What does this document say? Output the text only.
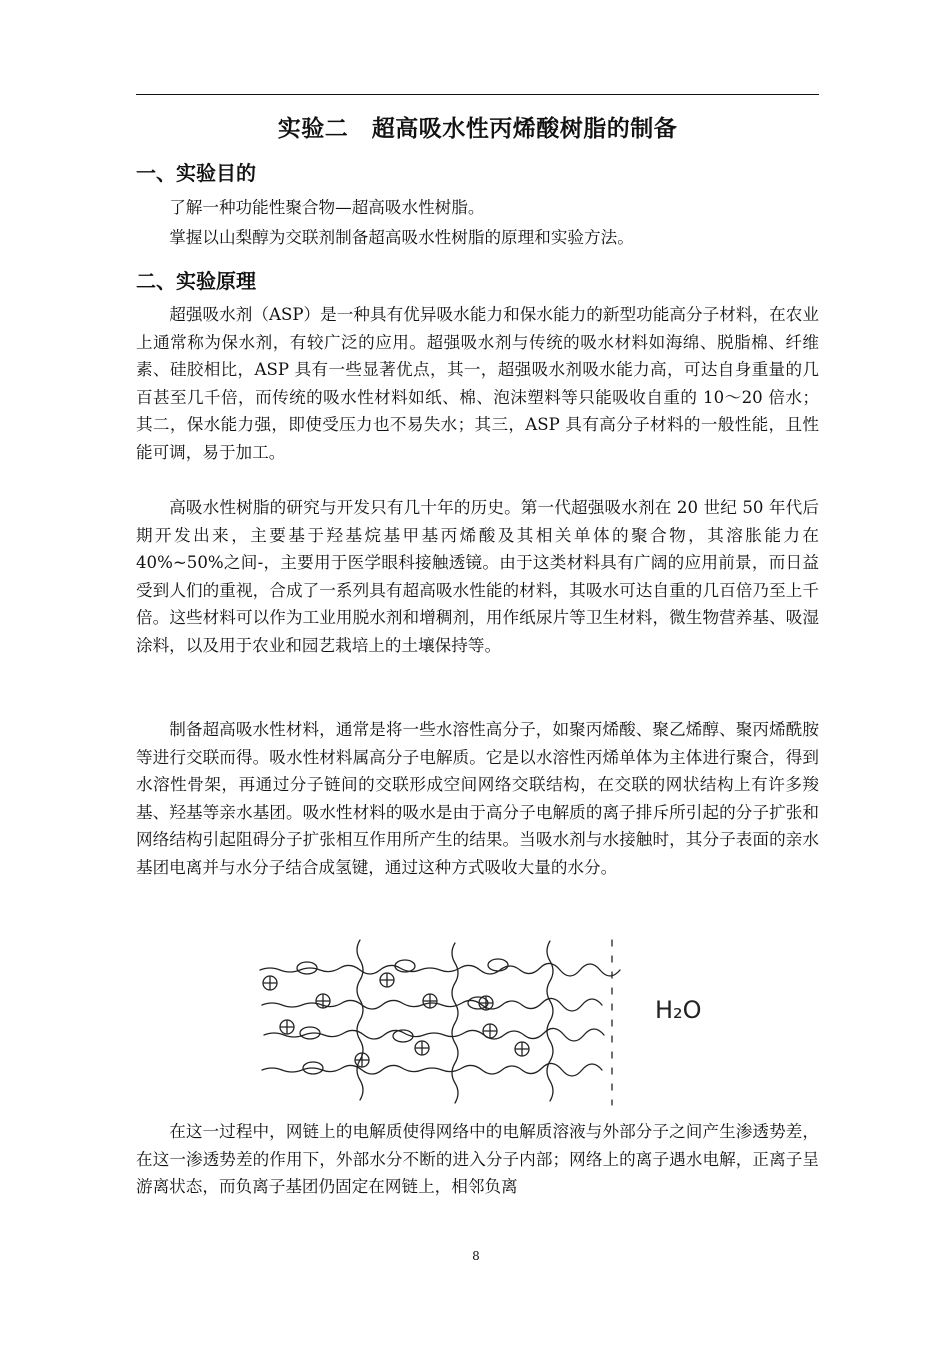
实验二　超高吸水性丙烯酸树脂的制备
一、实验目的
了解一种功能性聚合物—超高吸水性树脂。
掌握以山梨醇为交联剂制备超高吸水性树脂的原理和实验方法。
二、实验原理
超强吸水剂（ASP）是一种具有优异吸水能力和保水能力的新型功能高分子材料，在农业上通常称为保水剂，有较广泛的应用。超强吸水剂与传统的吸水材料如海绵、脱脂棉、纤维素、硅胶相比，ASP 具有一些显著优点，其一，超强吸水剂吸水能力高，可达自身重量的几百甚至几千倍，而传统的吸水性材料如纸、棉、泡沫塑料等只能吸收自重的 10～20 倍水；其二，保水能力强，即使受压力也不易失水；其三，ASP 具有高分子材料的一般性能，且性能可调，易于加工。
高吸水性树脂的研究与开发只有几十年的历史。第一代超强吸水剂在 20 世纪 50 年代后期开发出来，主要基于羟基烷基甲基丙烯酸及其相关单体的聚合物，其溶胀能力在 40%~50%之间-，主要用于医学眼科接触透镜。由于这类材料具有广阔的应用前景，而日益受到人们的重视，合成了一系列具有超高吸水性能的材料，其吸水可达自重的几百倍乃至上千倍。这些材料可以作为工业用脱水剂和增稠剂，用作纸尿片等卫生材料，微生物营养基、吸湿涂料，以及用于农业和园艺栽培上的土壤保持等。
制备超高吸水性材料，通常是将一些水溶性高分子，如聚丙烯酸、聚乙烯醇、聚丙烯酰胺等进行交联而得。吸水性材料属高分子电解质。它是以水溶性丙烯单体为主体进行聚合，得到水溶性骨架，再通过分子链间的交联形成空间网络交联结构，在交联的网状结构上有许多羧基、羟基等亲水基团。吸水性材料的吸水是由于高分子电解质的离子排斥所引起的分子扩张和网络结构引起阻碍分子扩张相互作用所产生的结果。当吸水剂与水接触时，其分子表面的亲水基团电离并与水分子结合成氢键，通过这种方式吸收大量的水分。
H₂O
在这一过程中，网链上的电解质使得网络中的电解质溶液与外部分子之间产生渗透势差，在这一渗透势差的作用下，外部水分不断的进入分子内部；网络上的离子遇水电解，正离子呈游离状态，而负离子基团仍固定在网链上，相邻负离
8
